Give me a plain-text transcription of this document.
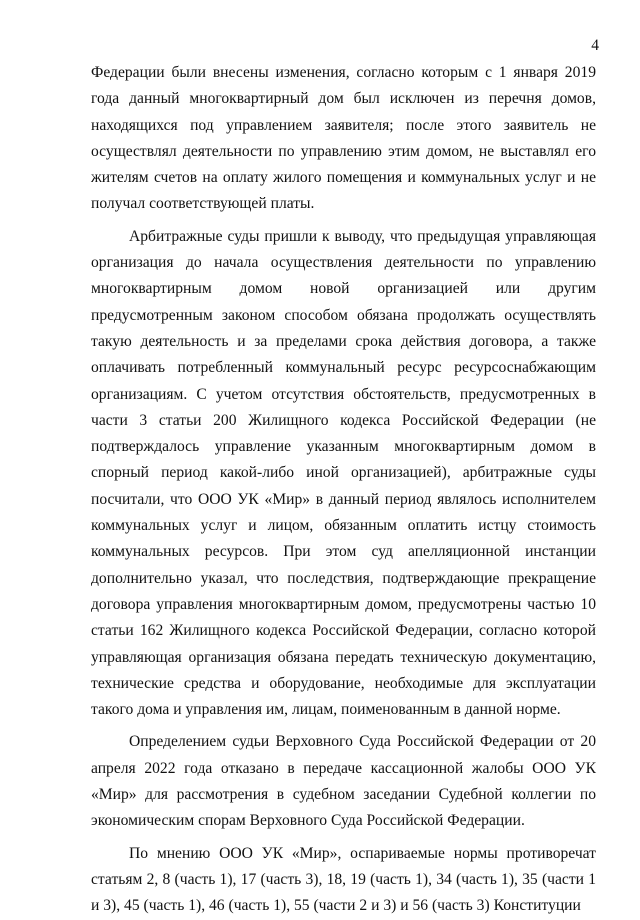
4

Федерации были внесены изменения, согласно которым с 1 января 2019 года данный многоквартирный дом был исключен из перечня домов, находящихся под управлением заявителя; после этого заявитель не осуществлял деятельности по управлению этим домом, не выставлял его жителям счетов на оплату жилого помещения и коммунальных услуг и не получал соответствующей платы.

Арбитражные суды пришли к выводу, что предыдущая управляющая организация до начала осуществления деятельности по управлению многоквартирным домом новой организацией или другим предусмотренным законом способом обязана продолжать осуществлять такую деятельность и за пределами срока действия договора, а также оплачивать потребленный коммунальный ресурс ресурсоснабжающим организациям. С учетом отсутствия обстоятельств, предусмотренных в части 3 статьи 200 Жилищного кодекса Российской Федерации (не подтверждалось управление указанным многоквартирным домом в спорный период какой-либо иной организацией), арбитражные суды посчитали, что ООО УК «Мир» в данный период являлось исполнителем коммунальных услуг и лицом, обязанным оплатить истцу стоимость коммунальных ресурсов. При этом суд апелляционной инстанции дополнительно указал, что последствия, подтверждающие прекращение договора управления многоквартирным домом, предусмотрены частью 10 статьи 162 Жилищного кодекса Российской Федерации, согласно которой управляющая организация обязана передать техническую документацию, технические средства и оборудование, необходимые для эксплуатации такого дома и управления им, лицам, поименованным в данной норме.

Определением судьи Верховного Суда Российской Федерации от 20 апреля 2022 года отказано в передаче кассационной жалобы ООО УК «Мир» для рассмотрения в судебном заседании Судебной коллегии по экономическим спорам Верховного Суда Российской Федерации.

По мнению ООО УК «Мир», оспариваемые нормы противоречат статьям 2, 8 (часть 1), 17 (часть 3), 18, 19 (часть 1), 34 (часть 1), 35 (части 1 и 3), 45 (часть 1), 46 (часть 1), 55 (части 2 и 3) и 56 (часть 3) Конституции
